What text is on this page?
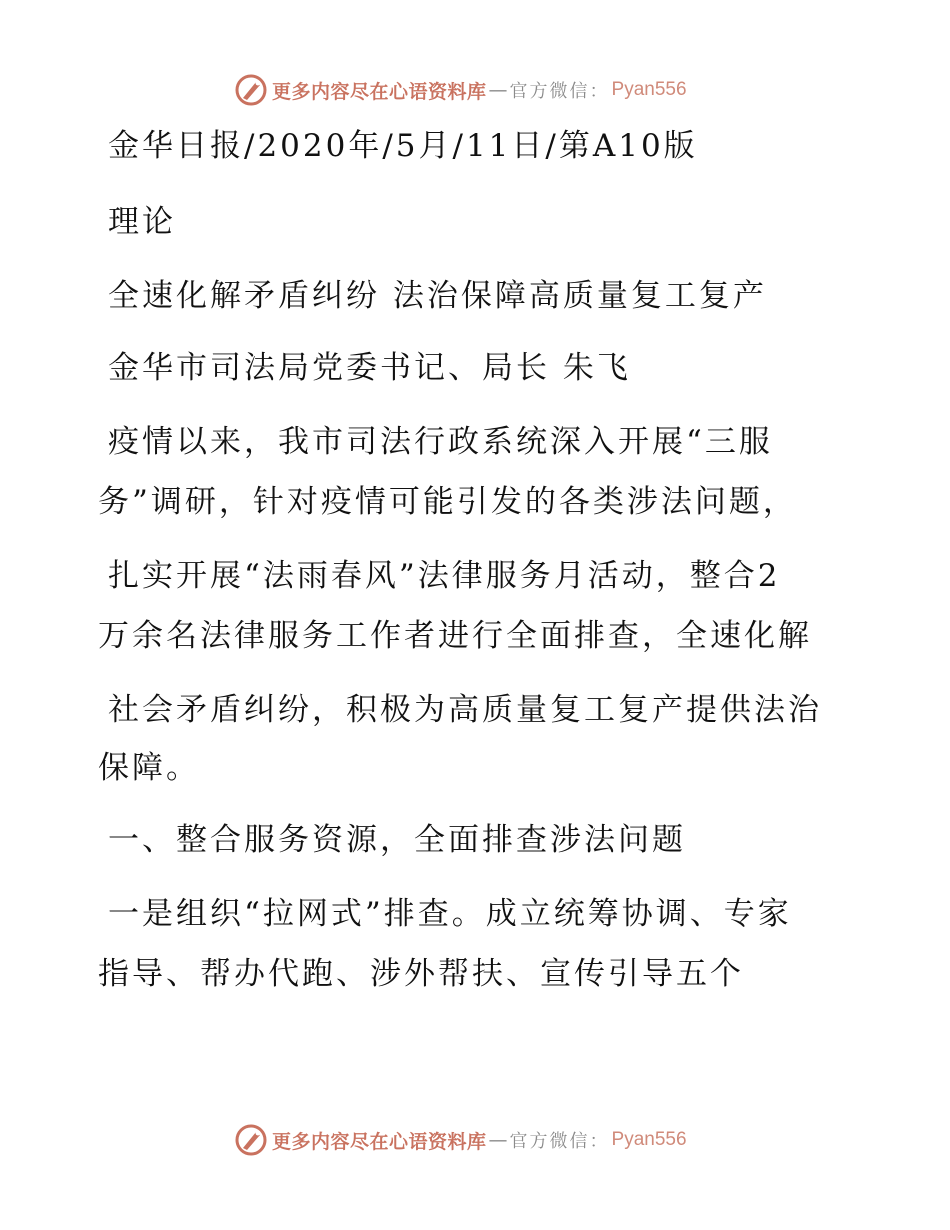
更多内容尽在心语资料库 — 官方微信： Pyan556
金华日报/2020年/5月/11日/第A10版
理论
全速化解矛盾纠纷 法治保障高质量复工复产
金华市司法局党委书记、局长 朱飞
疫情以来，我市司法行政系统深入开展“三服
务”调研，针对疫情可能引发的各类涉法问题，
扎实开展“法雨春风”法律服务月活动，整合2
万余名法律服务工作者进行全面排查，全速化解
社会矛盾纠纷，积极为高质量复工复产提供法治
保障。
一、整合服务资源，全面排查涉法问题
一是组织“拉网式”排查。成立统筹协调、专家
指导、帮办代跑、涉外帮扶、宣传引导五个
更多内容尽在心语资料库 — 官方微信： Pyan556
